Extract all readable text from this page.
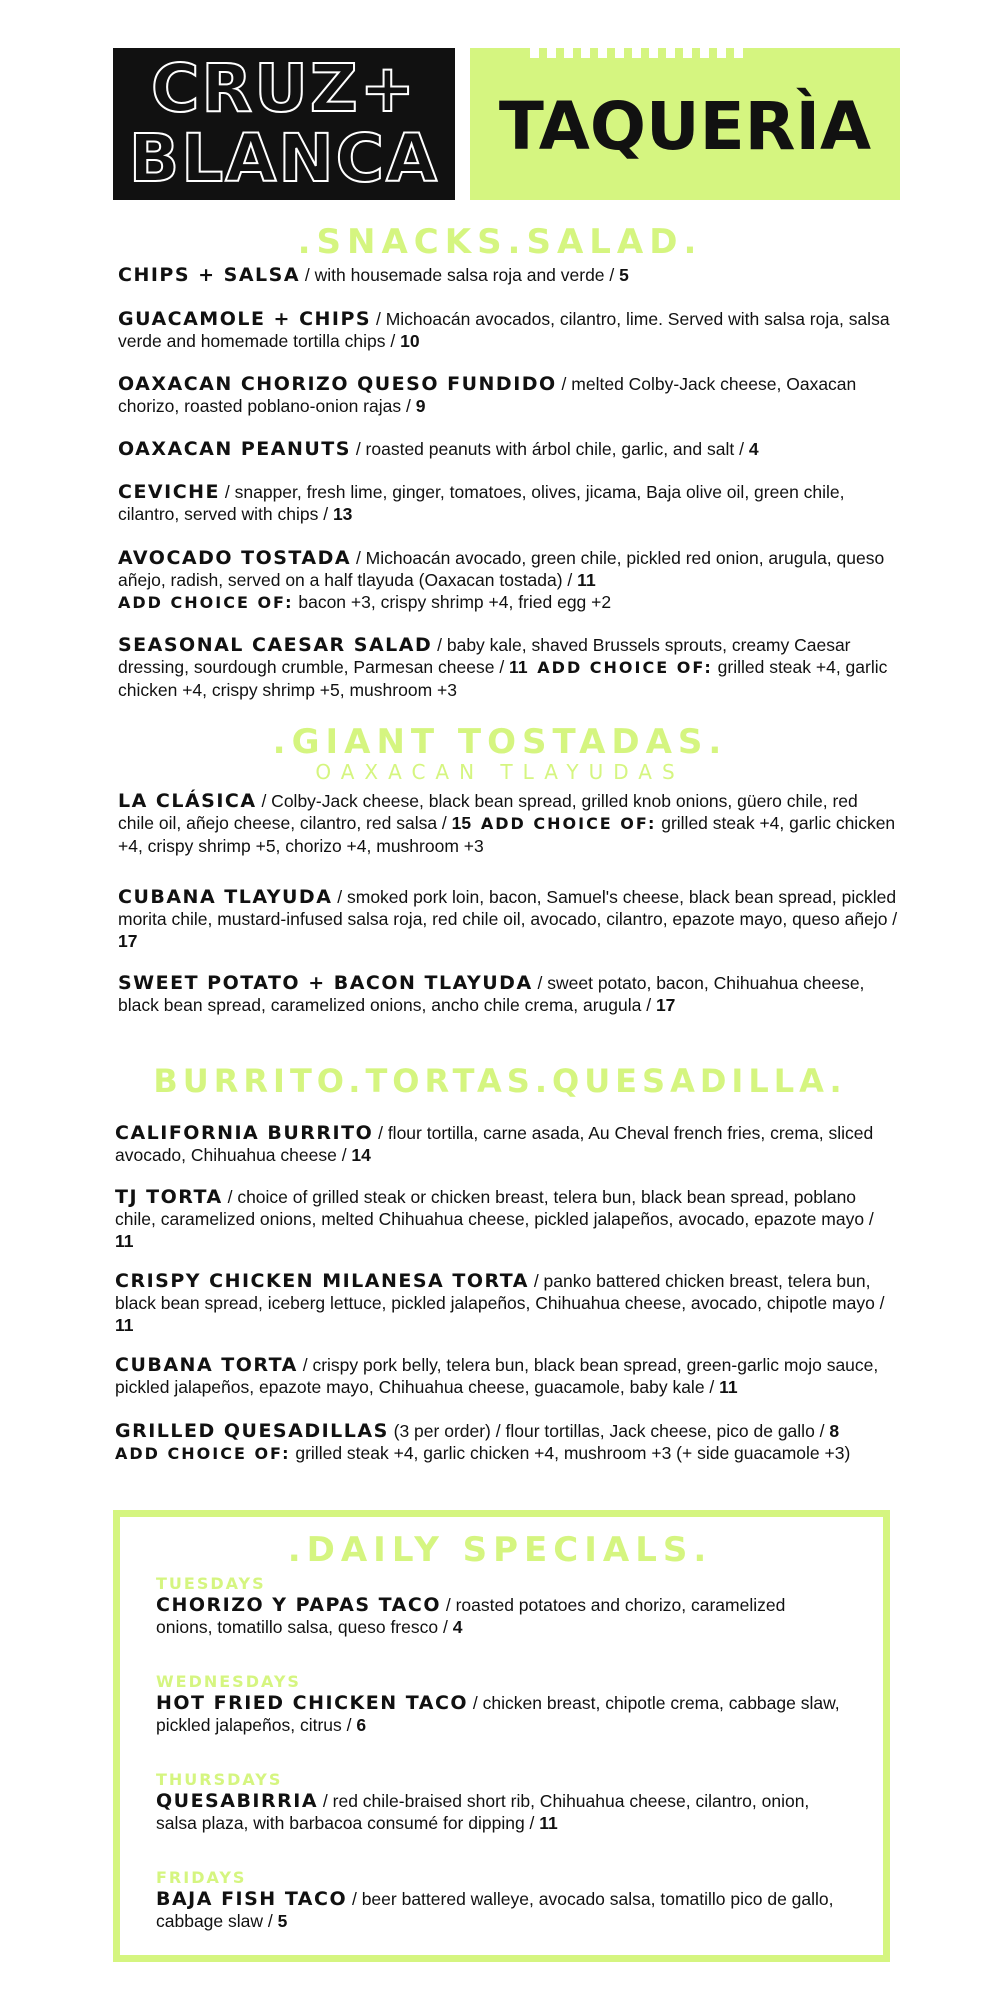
CRUZ+
BLANCA TAQUERÌA
.SNACKS.SALAD.
CHIPS + SALSA / with housemade salsa roja and verde / 5
GUACAMOLE + CHIPS / Michoacán avocados, cilantro, lime. Served with salsa roja, salsa verde and homemade tortilla chips / 10
OAXACAN CHORIZO QUESO FUNDIDO / melted Colby-Jack cheese, Oaxacan chorizo, roasted poblano-onion rajas / 9
OAXACAN PEANUTS / roasted peanuts with árbol chile, garlic, and salt / 4
CEVICHE / snapper, fresh lime, ginger, tomatoes, olives, jicama, Baja olive oil, green chile, cilantro, served with chips / 13
AVOCADO TOSTADA / Michoacán avocado, green chile, pickled red onion, arugula, queso añejo, radish, served on a half tlayuda (Oaxacan tostada) / 11
ADD CHOICE OF: bacon +3, crispy shrimp +4, fried egg +2
SEASONAL CAESAR SALAD / baby kale, shaved Brussels sprouts, creamy Caesar dressing, sourdough crumble, Parmesan cheese / 11 ADD CHOICE OF: grilled steak +4, garlic chicken +4, crispy shrimp +5, mushroom +3
.GIANT TOSTADAS.
OAXACAN TLAYUDAS
LA CLÁSICA / Colby-Jack cheese, black bean spread, grilled knob onions, güero chile, red chile oil, añejo cheese, cilantro, red salsa / 15 ADD CHOICE OF: grilled steak +4, garlic chicken +4, crispy shrimp +5, chorizo +4, mushroom +3
CUBANA TLAYUDA / smoked pork loin, bacon, Samuel's cheese, black bean spread, pickled morita chile, mustard-infused salsa roja, red chile oil, avocado, cilantro, epazote mayo, queso añejo / 17
SWEET POTATO + BACON TLAYUDA / sweet potato, bacon, Chihuahua cheese, black bean spread, caramelized onions, ancho chile crema, arugula / 17
BURRITO.TORTAS.QUESADILLA.
CALIFORNIA BURRITO / flour tortilla, carne asada, Au Cheval french fries, crema, sliced avocado, Chihuahua cheese / 14
TJ TORTA / choice of grilled steak or chicken breast, telera bun, black bean spread, poblano chile, caramelized onions, melted Chihuahua cheese, pickled jalapeños, avocado, epazote mayo / 11
CRISPY CHICKEN MILANESA TORTA / panko battered chicken breast, telera bun, black bean spread, iceberg lettuce, pickled jalapeños, Chihuahua cheese, avocado, chipotle mayo / 11
CUBANA TORTA / crispy pork belly, telera bun, black bean spread, green-garlic mojo sauce, pickled jalapeños, epazote mayo, Chihuahua cheese, guacamole, baby kale / 11
GRILLED QUESADILLAS (3 per order) / flour tortillas, Jack cheese, pico de gallo / 8
ADD CHOICE OF: grilled steak +4, garlic chicken +4, mushroom +3 (+ side guacamole +3)
.DAILY SPECIALS.
TUESDAYS
CHORIZO Y PAPAS TACO / roasted potatoes and chorizo, caramelized onions, tomatillo salsa, queso fresco / 4
WEDNESDAYS
HOT FRIED CHICKEN TACO / chicken breast, chipotle crema, cabbage slaw, pickled jalapeños, citrus / 6
THURSDAYS
QUESABIRRIA / red chile-braised short rib, Chihuahua cheese, cilantro, onion, salsa plaza, with barbacoa consumé for dipping / 11
FRIDAYS
BAJA FISH TACO / beer battered walleye, avocado salsa, tomatillo pico de gallo, cabbage slaw / 5
